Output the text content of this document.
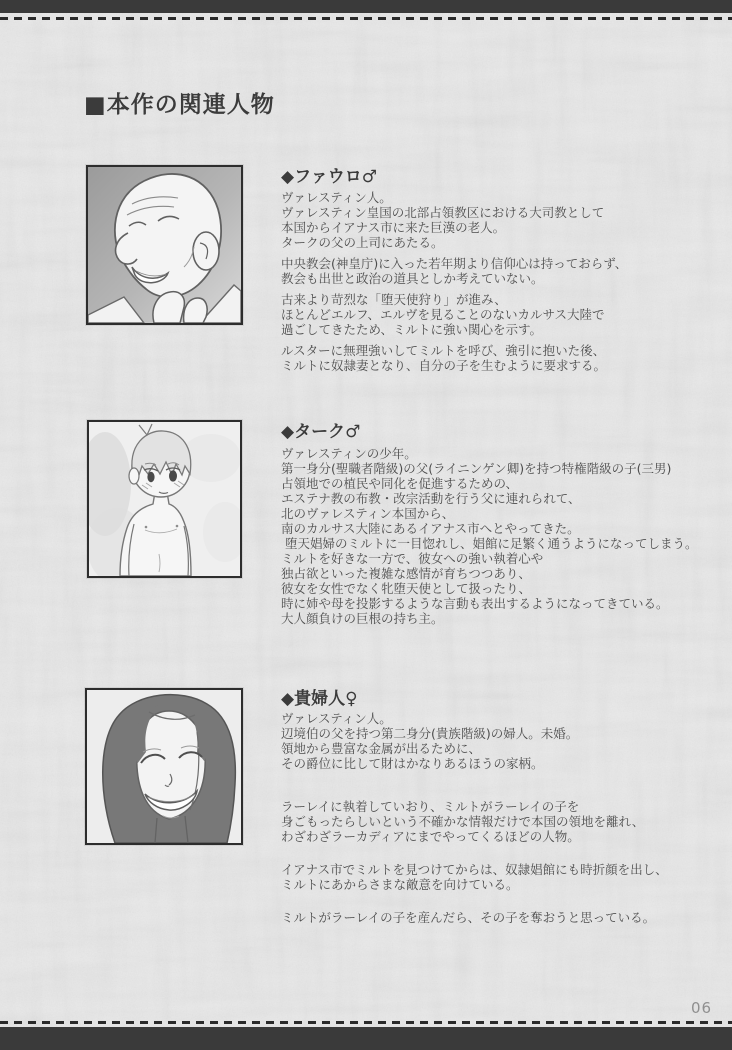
■本作の関連人物
◆ファウロ♂
ヴァレスティン人。
ヴァレスティン皇国の北部占領教区における大司教として
本国からイアナス市に来た巨漢の老人。
タークの父の上司にあたる。
中央教会(神皇庁)に入った若年期より信仰心は持っておらず、
教会も出世と政治の道具としか考えていない。
古来より苛烈な「堕天使狩り」が進み、
ほとんどエルフ、エルヴを見ることのないカルサス大陸で
過ごしてきたため、ミルトに強い関心を示す。
ルスターに無理強いしてミルトを呼び、強引に抱いた後、
ミルトに奴隷妻となり、自分の子を生むように要求する。
◆ターク♂
ヴァレスティンの少年。
第一身分(聖職者階級)の父(ライニンゲン卿)を持つ特権階級の子(三男)
占領地での植民や同化を促進するための、
エステナ教の布教・改宗活動を行う父に連れられて、
北のヴァレスティン本国から、
南のカルサス大陸にあるイアナス市へとやってきた。
堕天娼婦のミルトに一目惚れし、娼館に足繁く通うようになってしまう。
ミルトを好きな一方で、彼女への強い執着心や
独占欲といった複雑な感情が育ちつつあり、
彼女を女性でなく牝堕天使として扱ったり、
時に姉や母を投影するような言動も表出するようになってきている。
大人顔負けの巨根の持ち主。
◆貴婦人♀
ヴァレスティン人。
辺境伯の父を持つ第二身分(貴族階級)の婦人。未婚。
領地から豊富な金属が出るために、
その爵位に比して財はかなりあるほうの家柄。
ラーレイに執着していおり、ミルトがラーレイの子を
身ごもったらしいという不確かな情報だけで本国の領地を離れ、
わざわざラーカディアにまでやってくるほどの人物。
イアナス市でミルトを見つけてからは、奴隷娼館にも時折顔を出し、
ミルトにあからさまな敵意を向けている。
ミルトがラーレイの子を産んだら、その子を奪おうと思っている。
06
